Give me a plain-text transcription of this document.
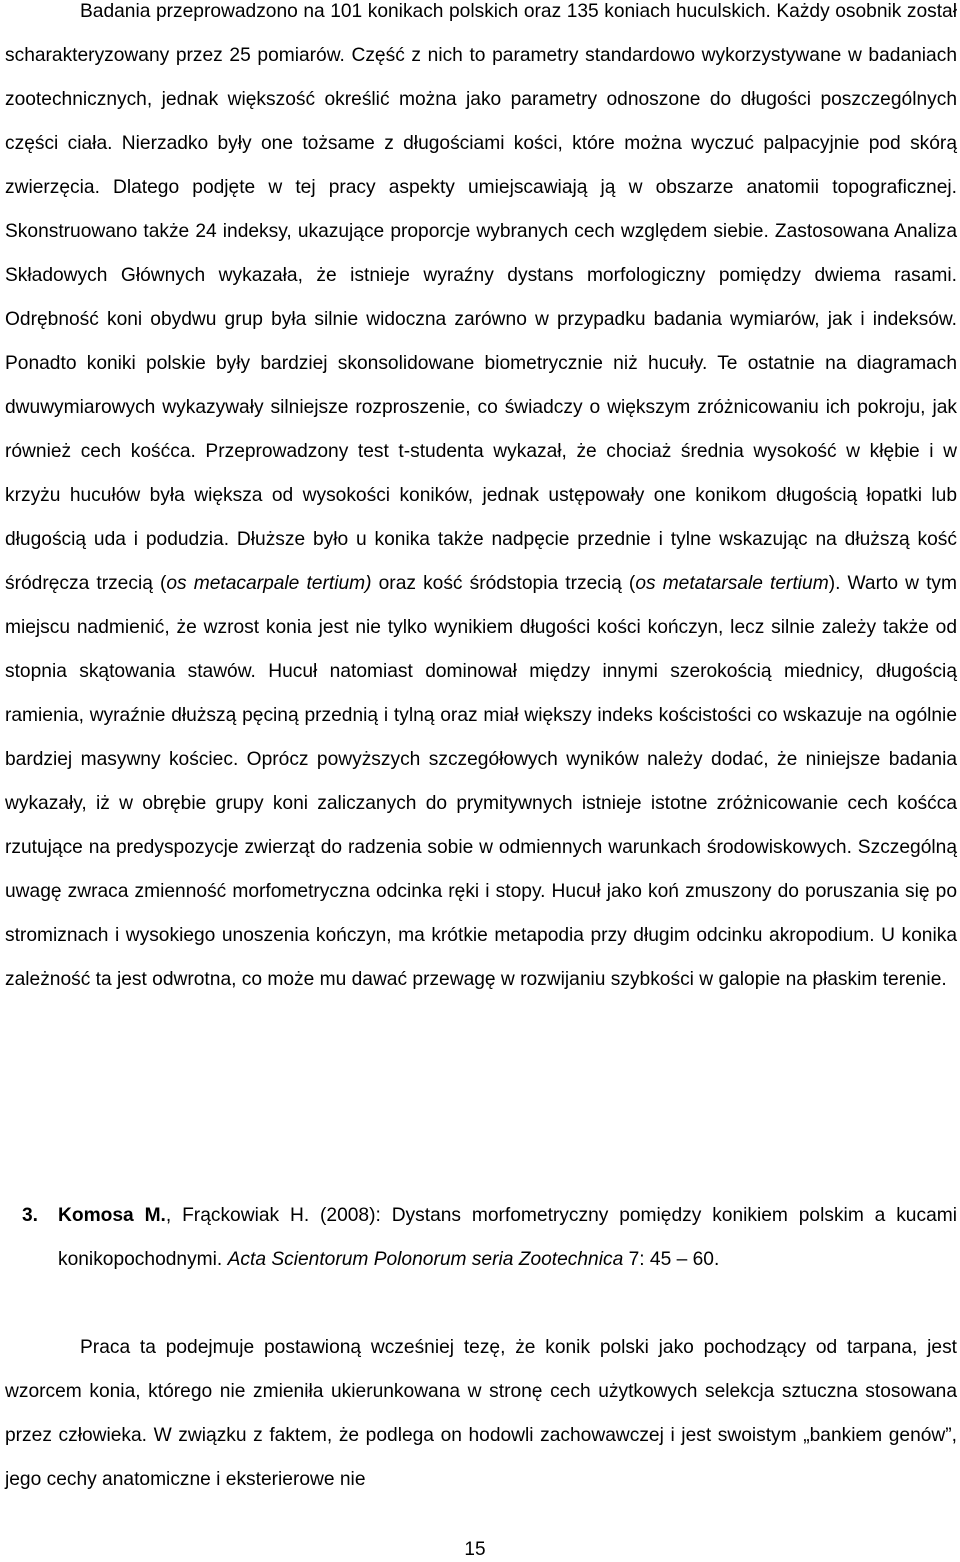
Badania przeprowadzono na 101 konikach polskich oraz 135 koniach huculskich. Każdy osobnik został scharakteryzowany przez 25 pomiarów. Część z nich to parametry standardowo wykorzystywane w badaniach zootechnicznych, jednak większość określić można jako parametry odnoszone do długości poszczególnych części ciała. Nierzadko były one tożsame z długościami kości, które można wyczuć palpacyjnie pod skórą zwierzęcia. Dlatego podjęte w tej pracy aspekty umiejscawiają ją w obszarze anatomii topograficznej. Skonstruowano także 24 indeksy, ukazujące proporcje wybranych cech względem siebie. Zastosowana Analiza Składowych Głównych wykazała, że istnieje wyraźny dystans morfologiczny pomiędzy dwiema rasami. Odrębność koni obydwu grup była silnie widoczna zarówno w przypadku badania wymiarów, jak i indeksów. Ponadto koniki polskie były bardziej skonsolidowane biometrycznie niż hucuły. Te ostatnie na diagramach dwuwymiarowych wykazywały silniejsze rozproszenie, co świadczy o większym zróżnicowaniu ich pokroju, jak również cech kośćca. Przeprowadzony test t-studenta wykazał, że chociaż średnia wysokość w kłębie i w krzyżu hucułów była większa od wysokości koników, jednak ustępowały one konikom długością łopatki lub długością uda i podudzia. Dłuższe było u konika także nadpęcie przednie i tylne wskazując na dłuższą kość śródręcza trzecią (os metacarpale tertium) oraz kość śródstopia trzecią (os metatarsale tertium). Warto w tym miejscu nadmienić, że wzrost konia jest nie tylko wynikiem długości kości kończyn, lecz silnie zależy także od stopnia skątowania stawów. Hucuł natomiast dominował między innymi szerokością miednicy, długością ramienia, wyraźnie dłuższą pęciną przednią i tylną oraz miał większy indeks kościstości co wskazuje na ogólnie bardziej masywny kościec. Oprócz powyższych szczegółowych wyników należy dodać, że niniejsze badania wykazały, iż w obrębie grupy koni zaliczanych do prymitywnych istnieje istotne zróżnicowanie cech kośćca rzutujące na predyspozycje zwierząt do radzenia sobie w odmiennych warunkach środowiskowych. Szczególną uwagę zwraca zmienność morfometryczna odcinka ręki i stopy. Hucuł jako koń zmuszony do poruszania się po stromiznach i wysokiego unoszenia kończyn, ma krótkie metapodia przy długim odcinku akropodium. U konika zależność ta jest odwrotna, co może mu dawać przewagę w rozwijaniu szybkości w galopie na płaskim terenie.

3. Komosa M., Frąckowiak H. (2008): Dystans morfometryczny pomiędzy konikiem polskim a kucami konikopochodnymi. Acta Scientorum Polonorum seria Zootechnica 7: 45 – 60.

Praca ta podejmuje postawioną wcześniej tezę, że konik polski jako pochodzący od tarpana, jest wzorcem konia, którego nie zmieniła ukierunkowana w stronę cech użytkowych selekcja sztuczna stosowana przez człowieka. W związku z faktem, że podlega on hodowli zachowawczej i jest swoistym „bankiem genów”, jego cechy anatomiczne i eksterierowe nie

15
